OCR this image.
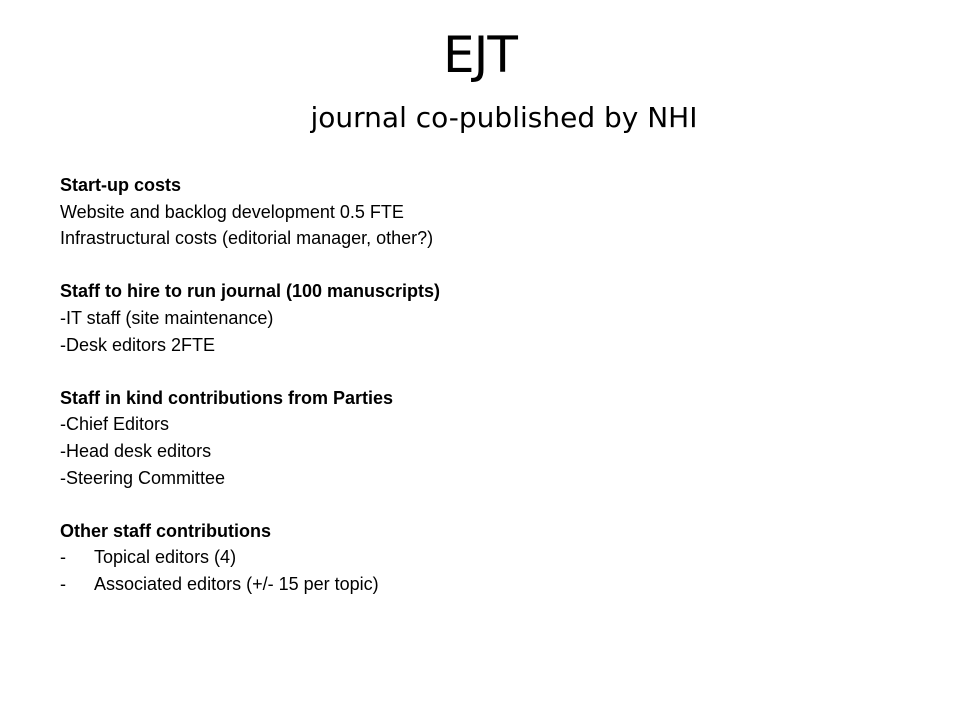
EJT
journal co-published by NHI
Start-up costs
Website and backlog development 0.5 FTE
Infrastructural costs (editorial manager, other?)
Staff to hire to run journal (100 manuscripts)
-IT staff (site maintenance)
-Desk editors 2FTE
Staff in kind contributions from Parties
-Chief Editors
-Head desk editors
-Steering Committee
Other staff contributions
-	Topical editors (4)
-	Associated editors (+/- 15 per topic)
